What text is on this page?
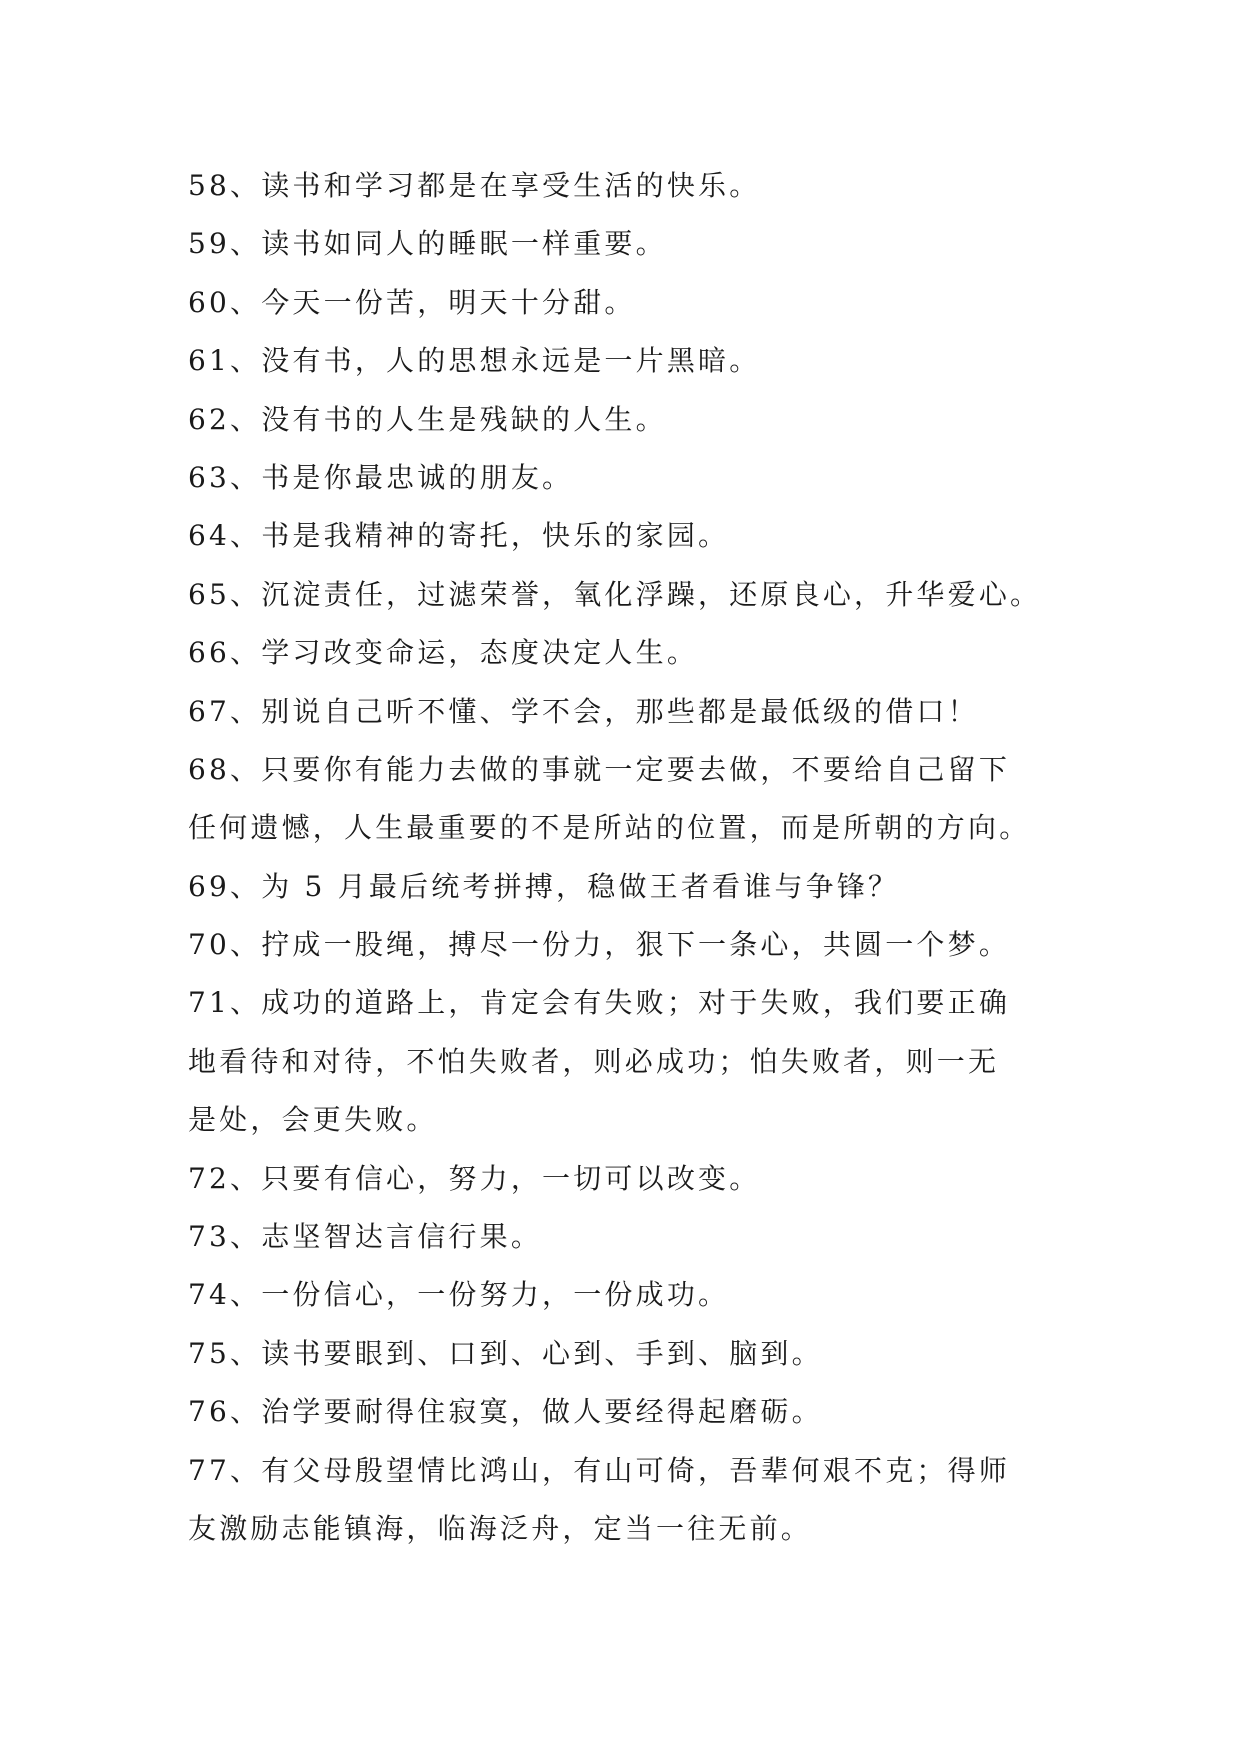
58、读书和学习都是在享受生活的快乐。
59、读书如同人的睡眠一样重要。
60、今天一份苦，明天十分甜。
61、没有书，人的思想永远是一片黑暗。
62、没有书的人生是残缺的人生。
63、书是你最忠诚的朋友。
64、书是我精神的寄托，快乐的家园。
65、沉淀责任，过滤荣誉，氧化浮躁，还原良心，升华爱心。
66、学习改变命运，态度决定人生。
67、别说自己听不懂、学不会，那些都是最低级的借口！
68、只要你有能力去做的事就一定要去做，不要给自己留下
任何遗憾，人生最重要的不是所站的位置，而是所朝的方向。
69、为 5 月最后统考拼搏，稳做王者看谁与争锋？
70、拧成一股绳，搏尽一份力，狠下一条心，共圆一个梦。
71、成功的道路上，肯定会有失败；对于失败，我们要正确
地看待和对待，不怕失败者，则必成功；怕失败者，则一无
是处，会更失败。
72、只要有信心，努力，一切可以改变。
73、志坚智达言信行果。
74、一份信心，一份努力，一份成功。
75、读书要眼到、口到、心到、手到、脑到。
76、治学要耐得住寂寞，做人要经得起磨砺。
77、有父母殷望情比鸿山，有山可倚，吾辈何艰不克；得师
友激励志能镇海，临海泛舟，定当一往无前。
